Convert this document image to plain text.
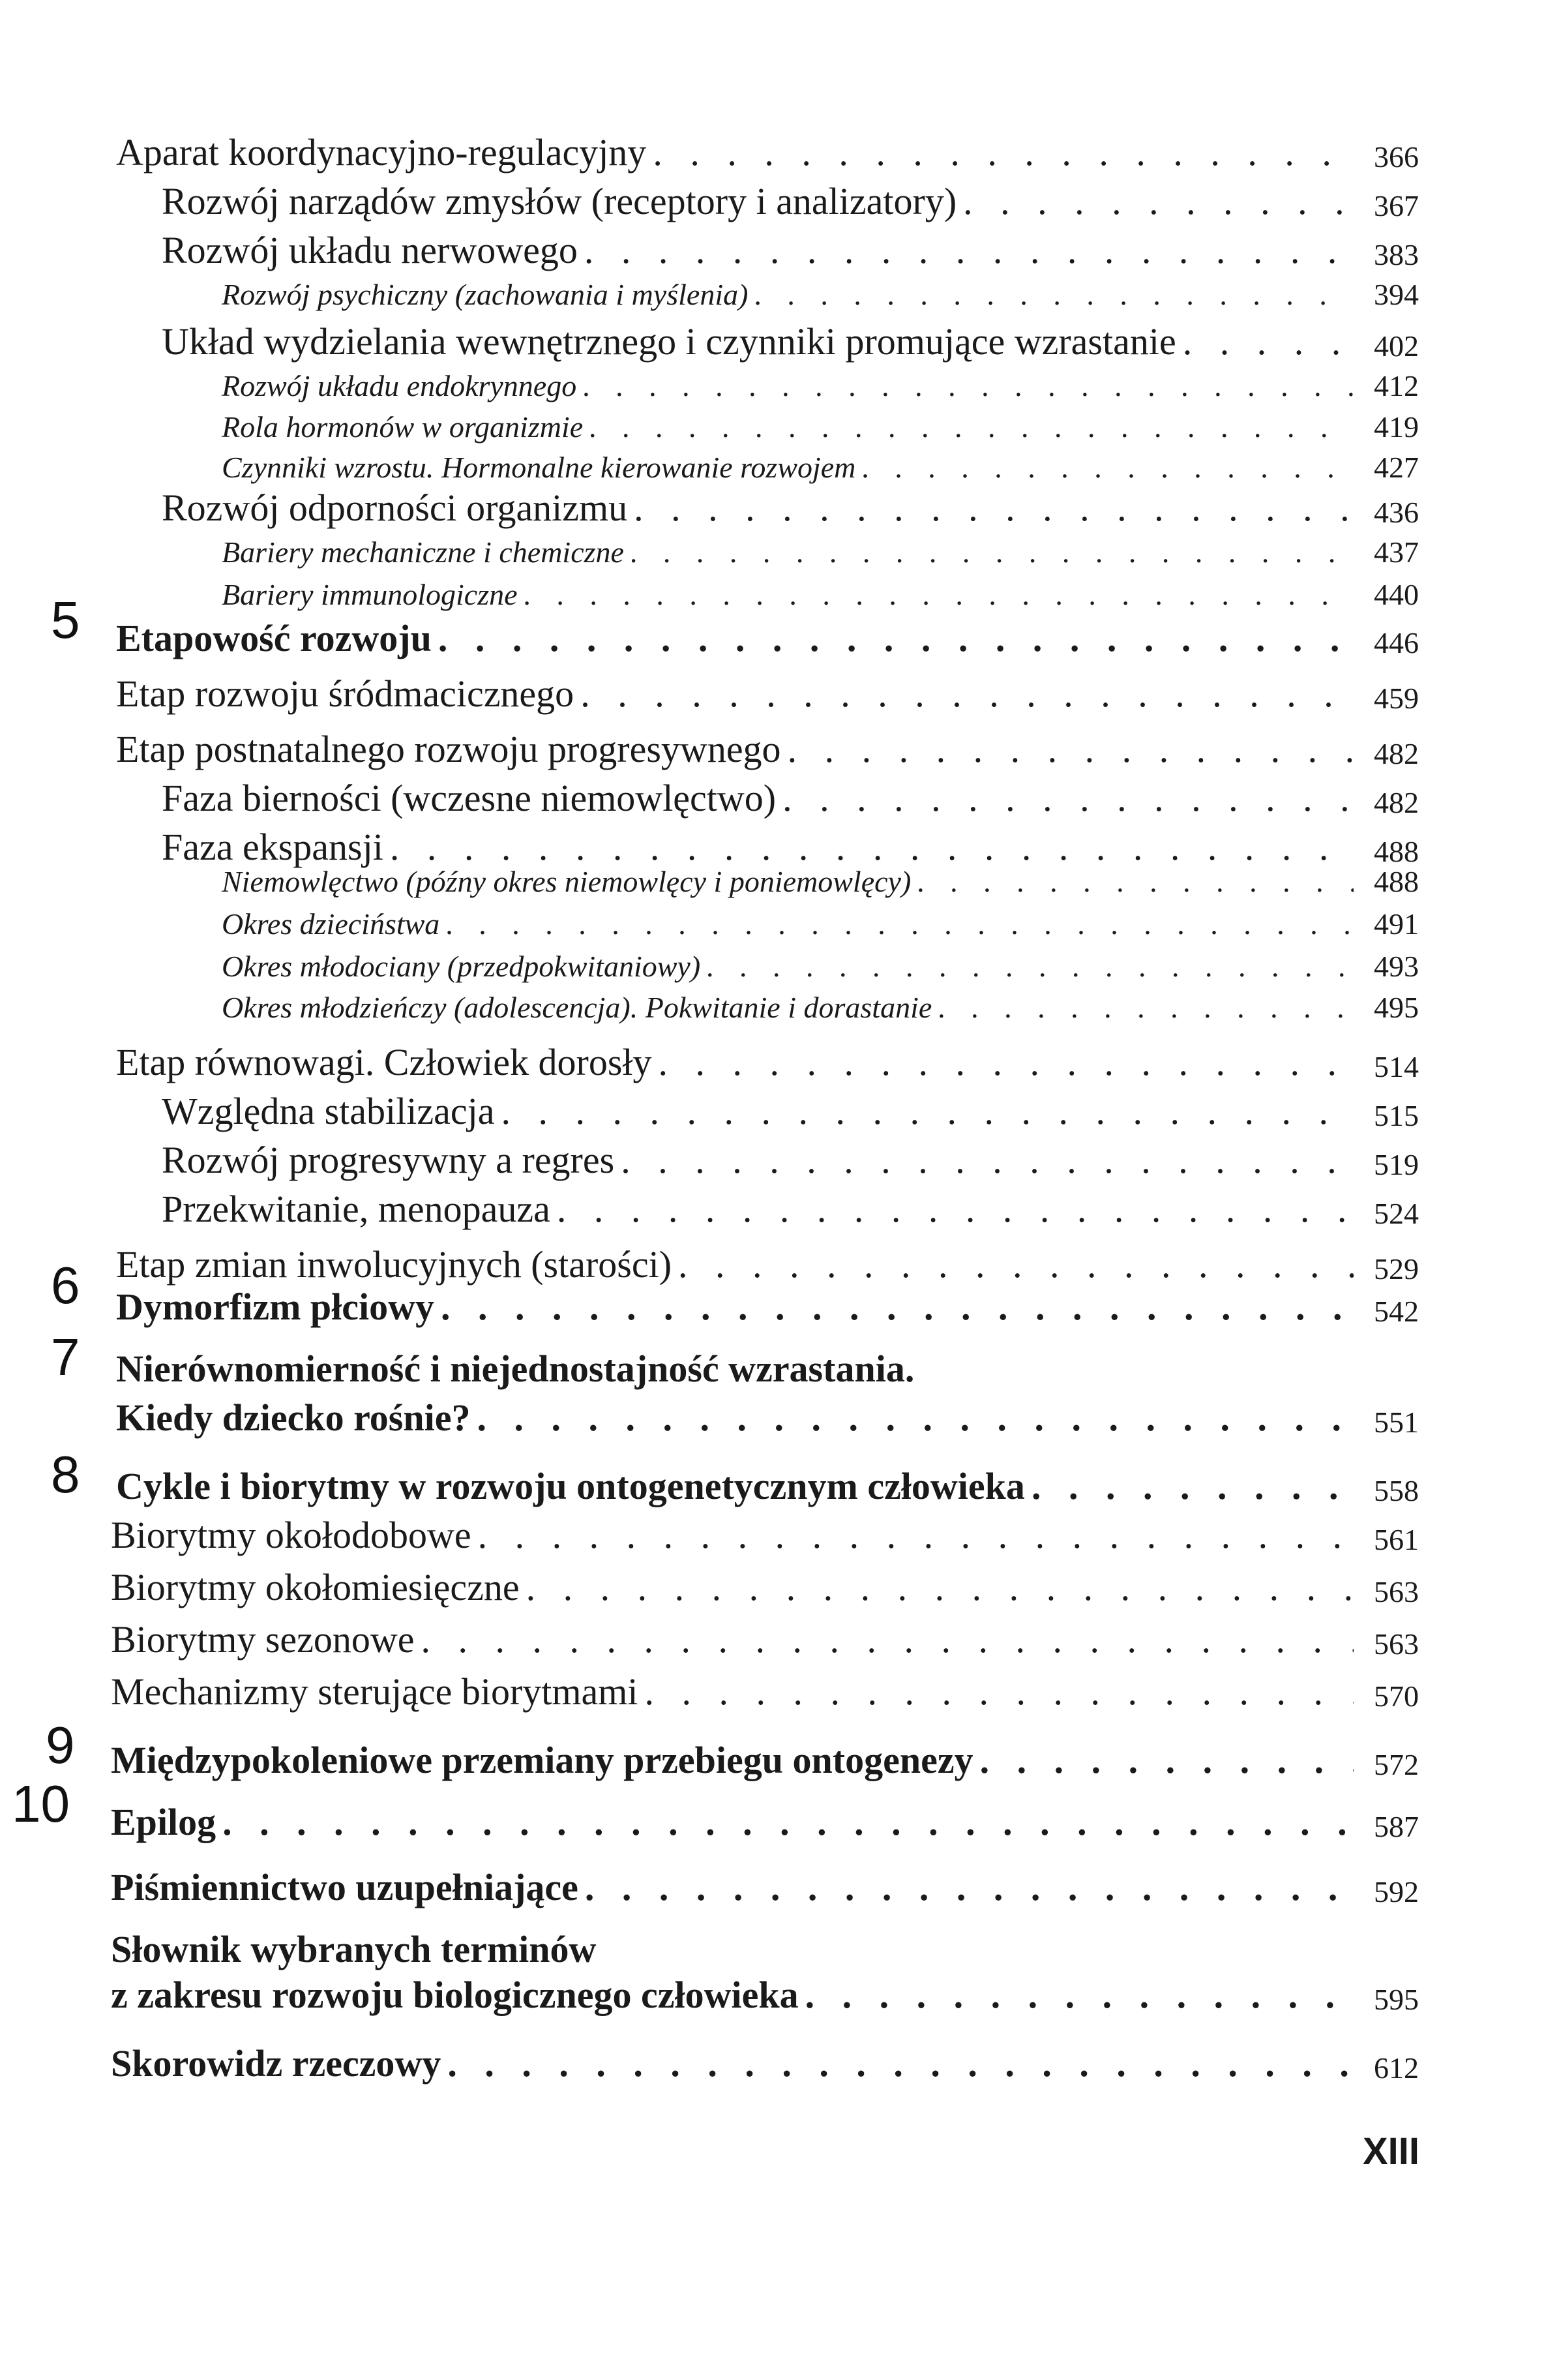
Aparat koordynacyjno-regulacyjny . . .	366
Rozwój narządów zmysłów (receptory i analizatory) . . .	367
Rozwój układu nerwowego . . .	383
Rozwój psychiczny (zachowania i myślenia) . . .	394
Układ wydzielania wewnętrznego i czynniki promujące wzrastanie . . .	402
Rozwój układu endokrynnego . . .	412
Rola hormonów w organizmie . . .	419
Czynniki wzrostu. Hormonalne kierowanie rozwojem . . .	427
Rozwój odporności organizmu . . .	436
Bariery mechaniczne i chemiczne . . .	437
Bariery immunologiczne . . .	440
5 Etapowość rozwoju . . .	446
Etap rozwoju śródmacicznego . . .	459
Etap postnatalnego rozwoju progresywnego . . .	482
Faza bierności (wczesne niemowlęctwo) . . .	482
Faza ekspansji . . .	488
Niemowlęctwo (późny okres niemowlęcy i poniemowlęcy) . . .	488
Okres dzieciństwa . . .	491
Okres młodociany (przedpokwitaniowy) . . .	493
Okres młodzieńczy (adolescencja). Pokwitanie i dorastanie . . .	495
Etap równowagi. Człowiek dorosły . . .	514
Względna stabilizacja . . .	515
Rozwój progresywny a regres . . .	519
Przekwitanie, menopauza . . .	524
Etap zmian inwolucyjnych (starości) . . .	529
6 Dymorfizm płciowy . . .	542
7 Nierównomierność i niejednostajność wzrastania.
Kiedy dziecko rośnie? . . .	551
8 Cykle i biorytmy w rozwoju ontogenetycznym człowieka . . .	558
Biorytmy okołodobowe . . .	561
Biorytmy okołomiesięczne . . .	563
Biorytmy sezonowe . . .	563
Mechanizmy sterujące biorytmami . . .	570
9 Międzypokoleniowe przemiany przebiegu ontogenezy . . .	572
10 Epilog . . .	587
Piśmiennictwo uzupełniające . . .	592
Słownik wybranych terminów
z zakresu rozwoju biologicznego człowieka . . .	595
Skorowidz rzeczowy . . .	612
XIII
